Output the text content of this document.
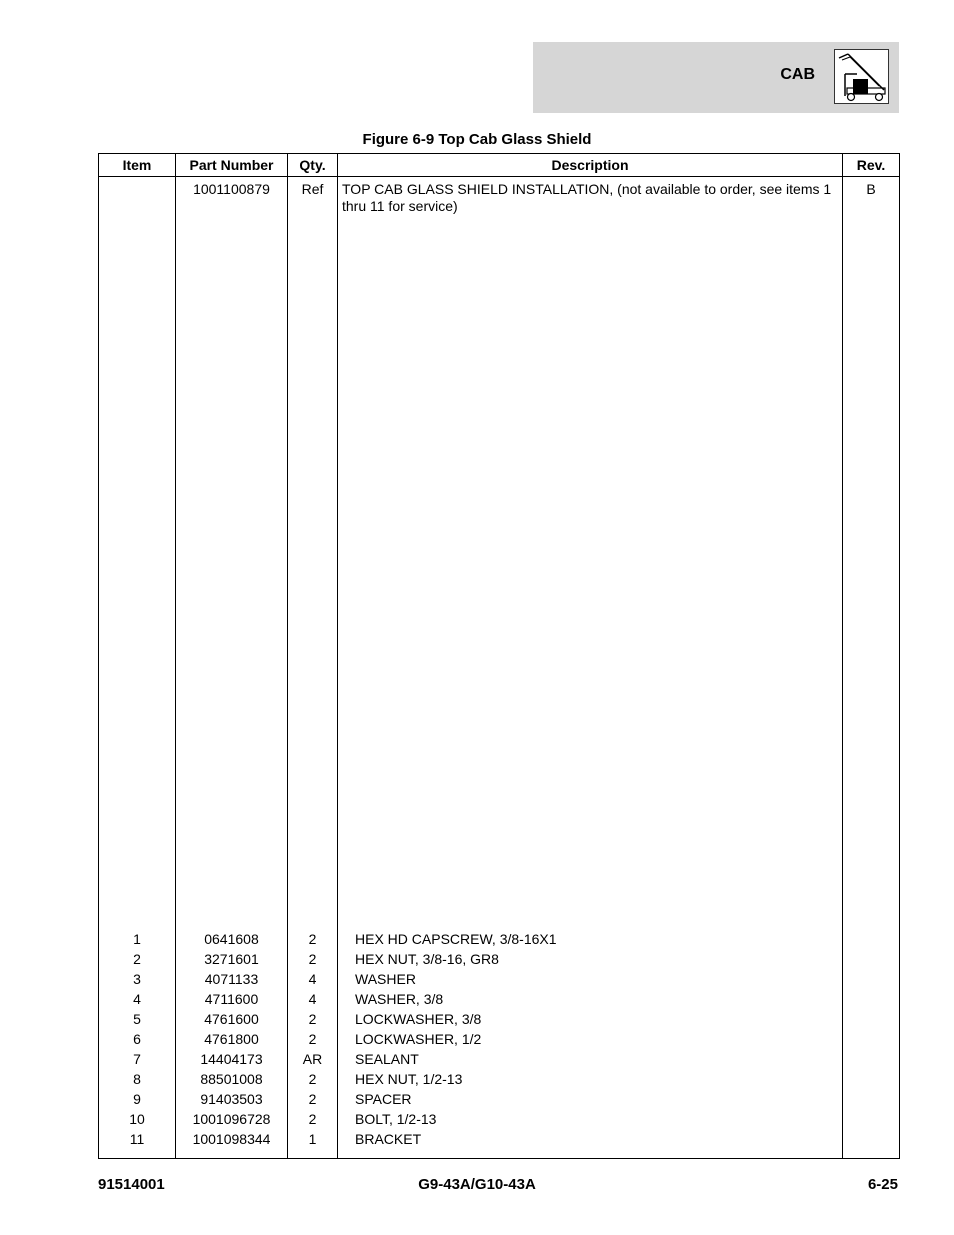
CAB
Figure 6-9 Top Cab Glass Shield
Item	Part Number	Qty.	Description	Rev.
	1001100879	Ref	TOP CAB GLASS SHIELD INSTALLATION, (not available to order, see items 1 thru 11 for service)	B
1	0641608	2	HEX HD CAPSCREW, 3/8-16X1	
2	3271601	2	HEX NUT, 3/8-16, GR8	
3	4071133	4	WASHER	
4	4711600	4	WASHER, 3/8	
5	4761600	2	LOCKWASHER, 3/8	
6	4761800	2	LOCKWASHER, 1/2	
7	14404173	AR	SEALANT	
8	88501008	2	HEX NUT, 1/2-13	
9	91403503	2	SPACER	
10	1001096728	2	BOLT, 1/2-13	
11	1001098344	1	BRACKET	

91514001	G9-43A/G10-43A	6-25
